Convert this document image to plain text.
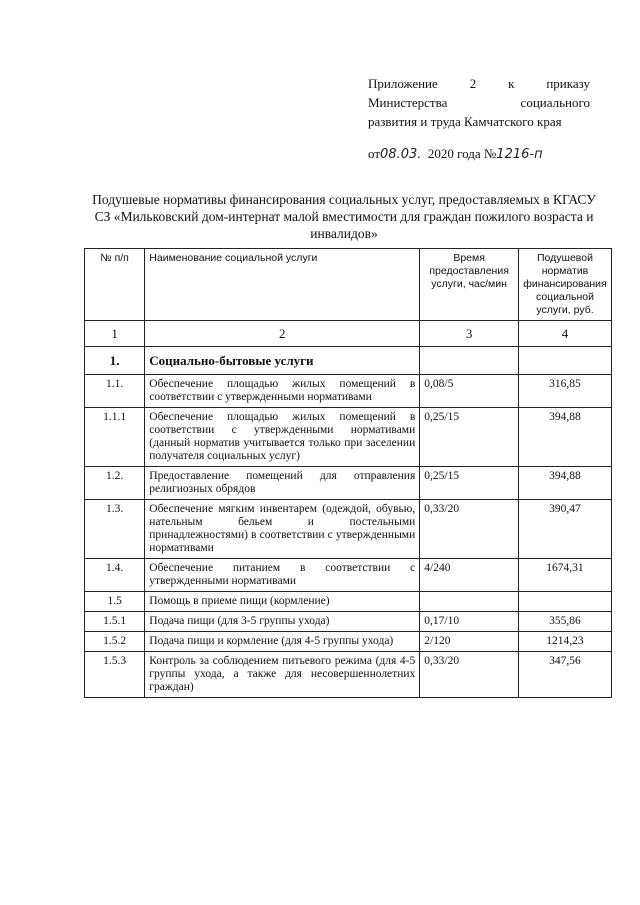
Приложение 2 к приказу
Министерства	социального
развития и труда Камчатского края
от08.03. 2020 года №1216-п
Подушевые нормативы финансирования социальных услуг, предоставляемых в КГАСУ СЗ «Мильковский дом-интернат малой вместимости для граждан пожилого возраста и инвалидов»
№ п/п	Наименование социальной услуги	Время предоставления услуги, час/мин	Подушевой норматив финансирования социальной услуги, руб.
1	2	3	4
1.	Социально-бытовые услуги		
1.1.	Обеспечение площадью жилых помещений в соответствии с утвержденными нормативами	0,08/5	316,85
1.1.1	Обеспечение площадью жилых помещений в соответствии с утвержденными нормативами (данный норматив учитывается только при заселении получателя социальных услуг)	0,25/15	394,88
1.2.	Предоставление помещений для отправления религиозных обрядов	0,25/15	394,88
1.3.	Обеспечение мягким инвентарем (одеждой, обувью, нательным бельем и постельными принадлежностями) в соответствии с утвержденными нормативами	0,33/20	390,47
1.4.	Обеспечение питанием в соответствии с утвержденными нормативами	4/240	1674,31
1.5	Помощь в приеме пищи (кормление)		
1.5.1	Подача пищи (для 3-5 группы ухода)	0,17/10	355,86
1.5.2	Подача пищи и кормление (для 4-5 группы ухода)	2/120	1214,23
1.5.3	Контроль за соблюдением питьевого режима (для 4-5 группы ухода, а также для несовершеннолетних граждан)	0,33/20	347,56
